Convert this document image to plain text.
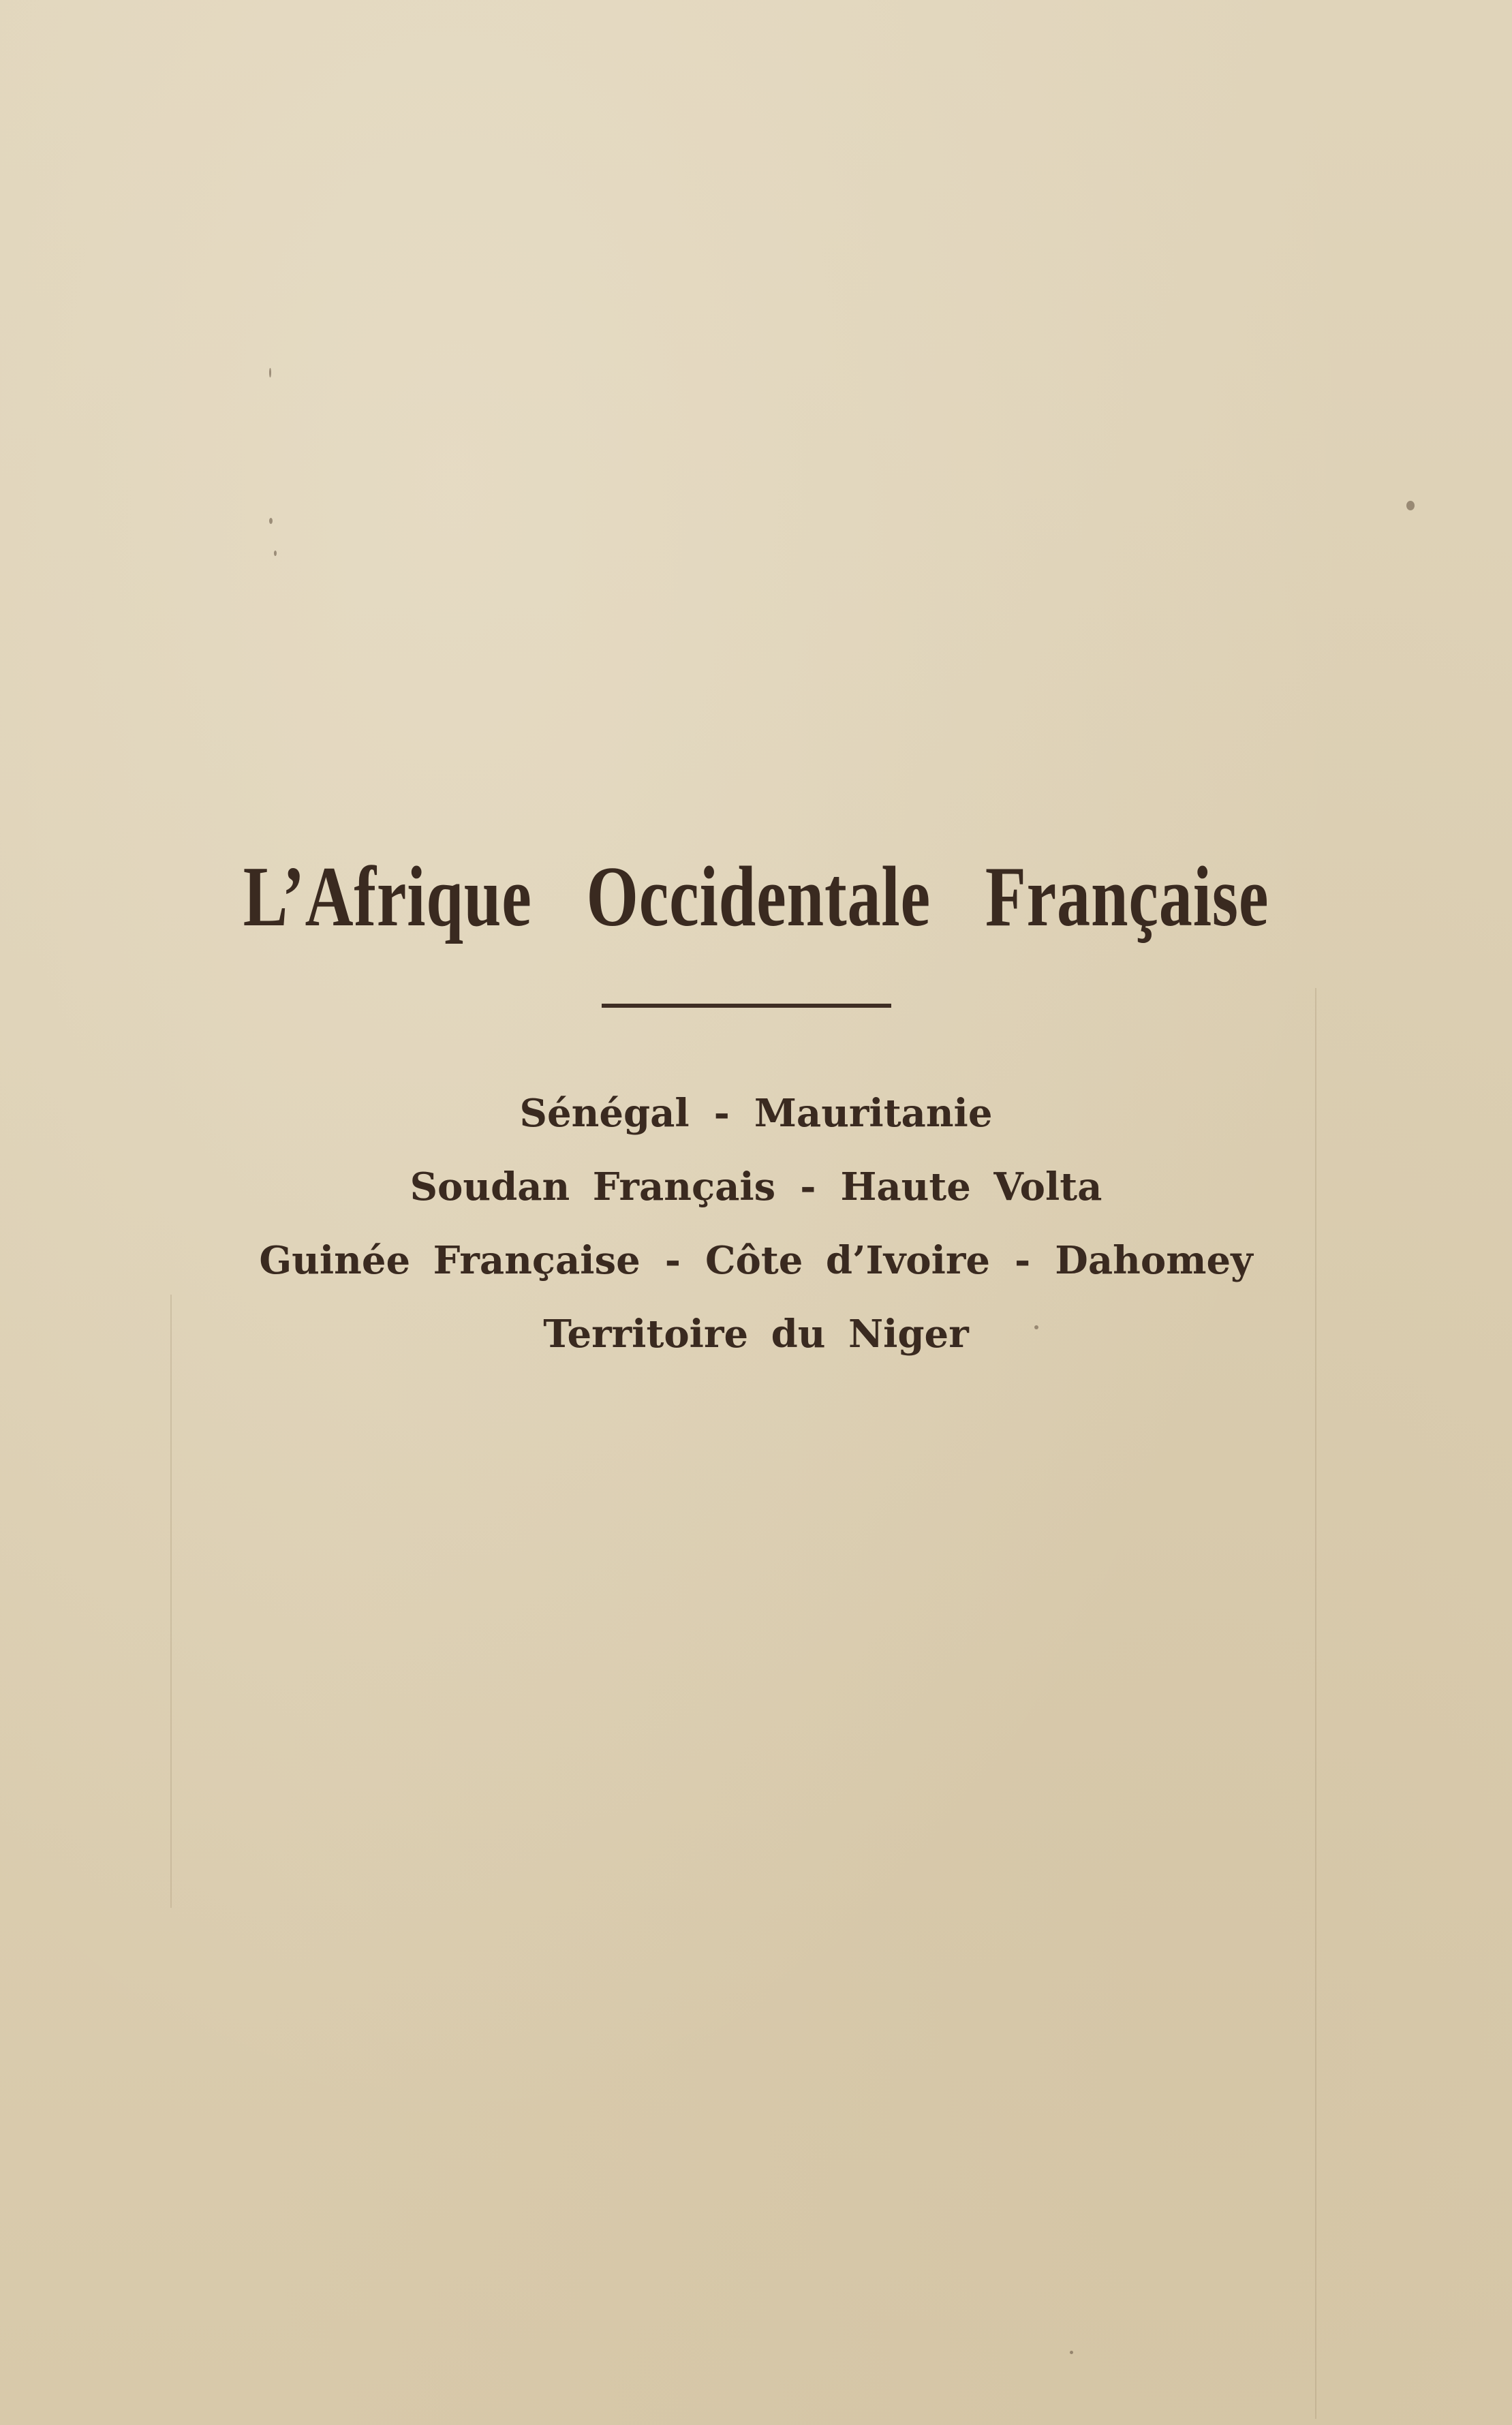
L’Afrique Occidentale Française
Sénégal - Mauritanie
Soudan Français - Haute Volta
Guinée Française - Côte d’Ivoire - Dahomey
Territoire du Niger
